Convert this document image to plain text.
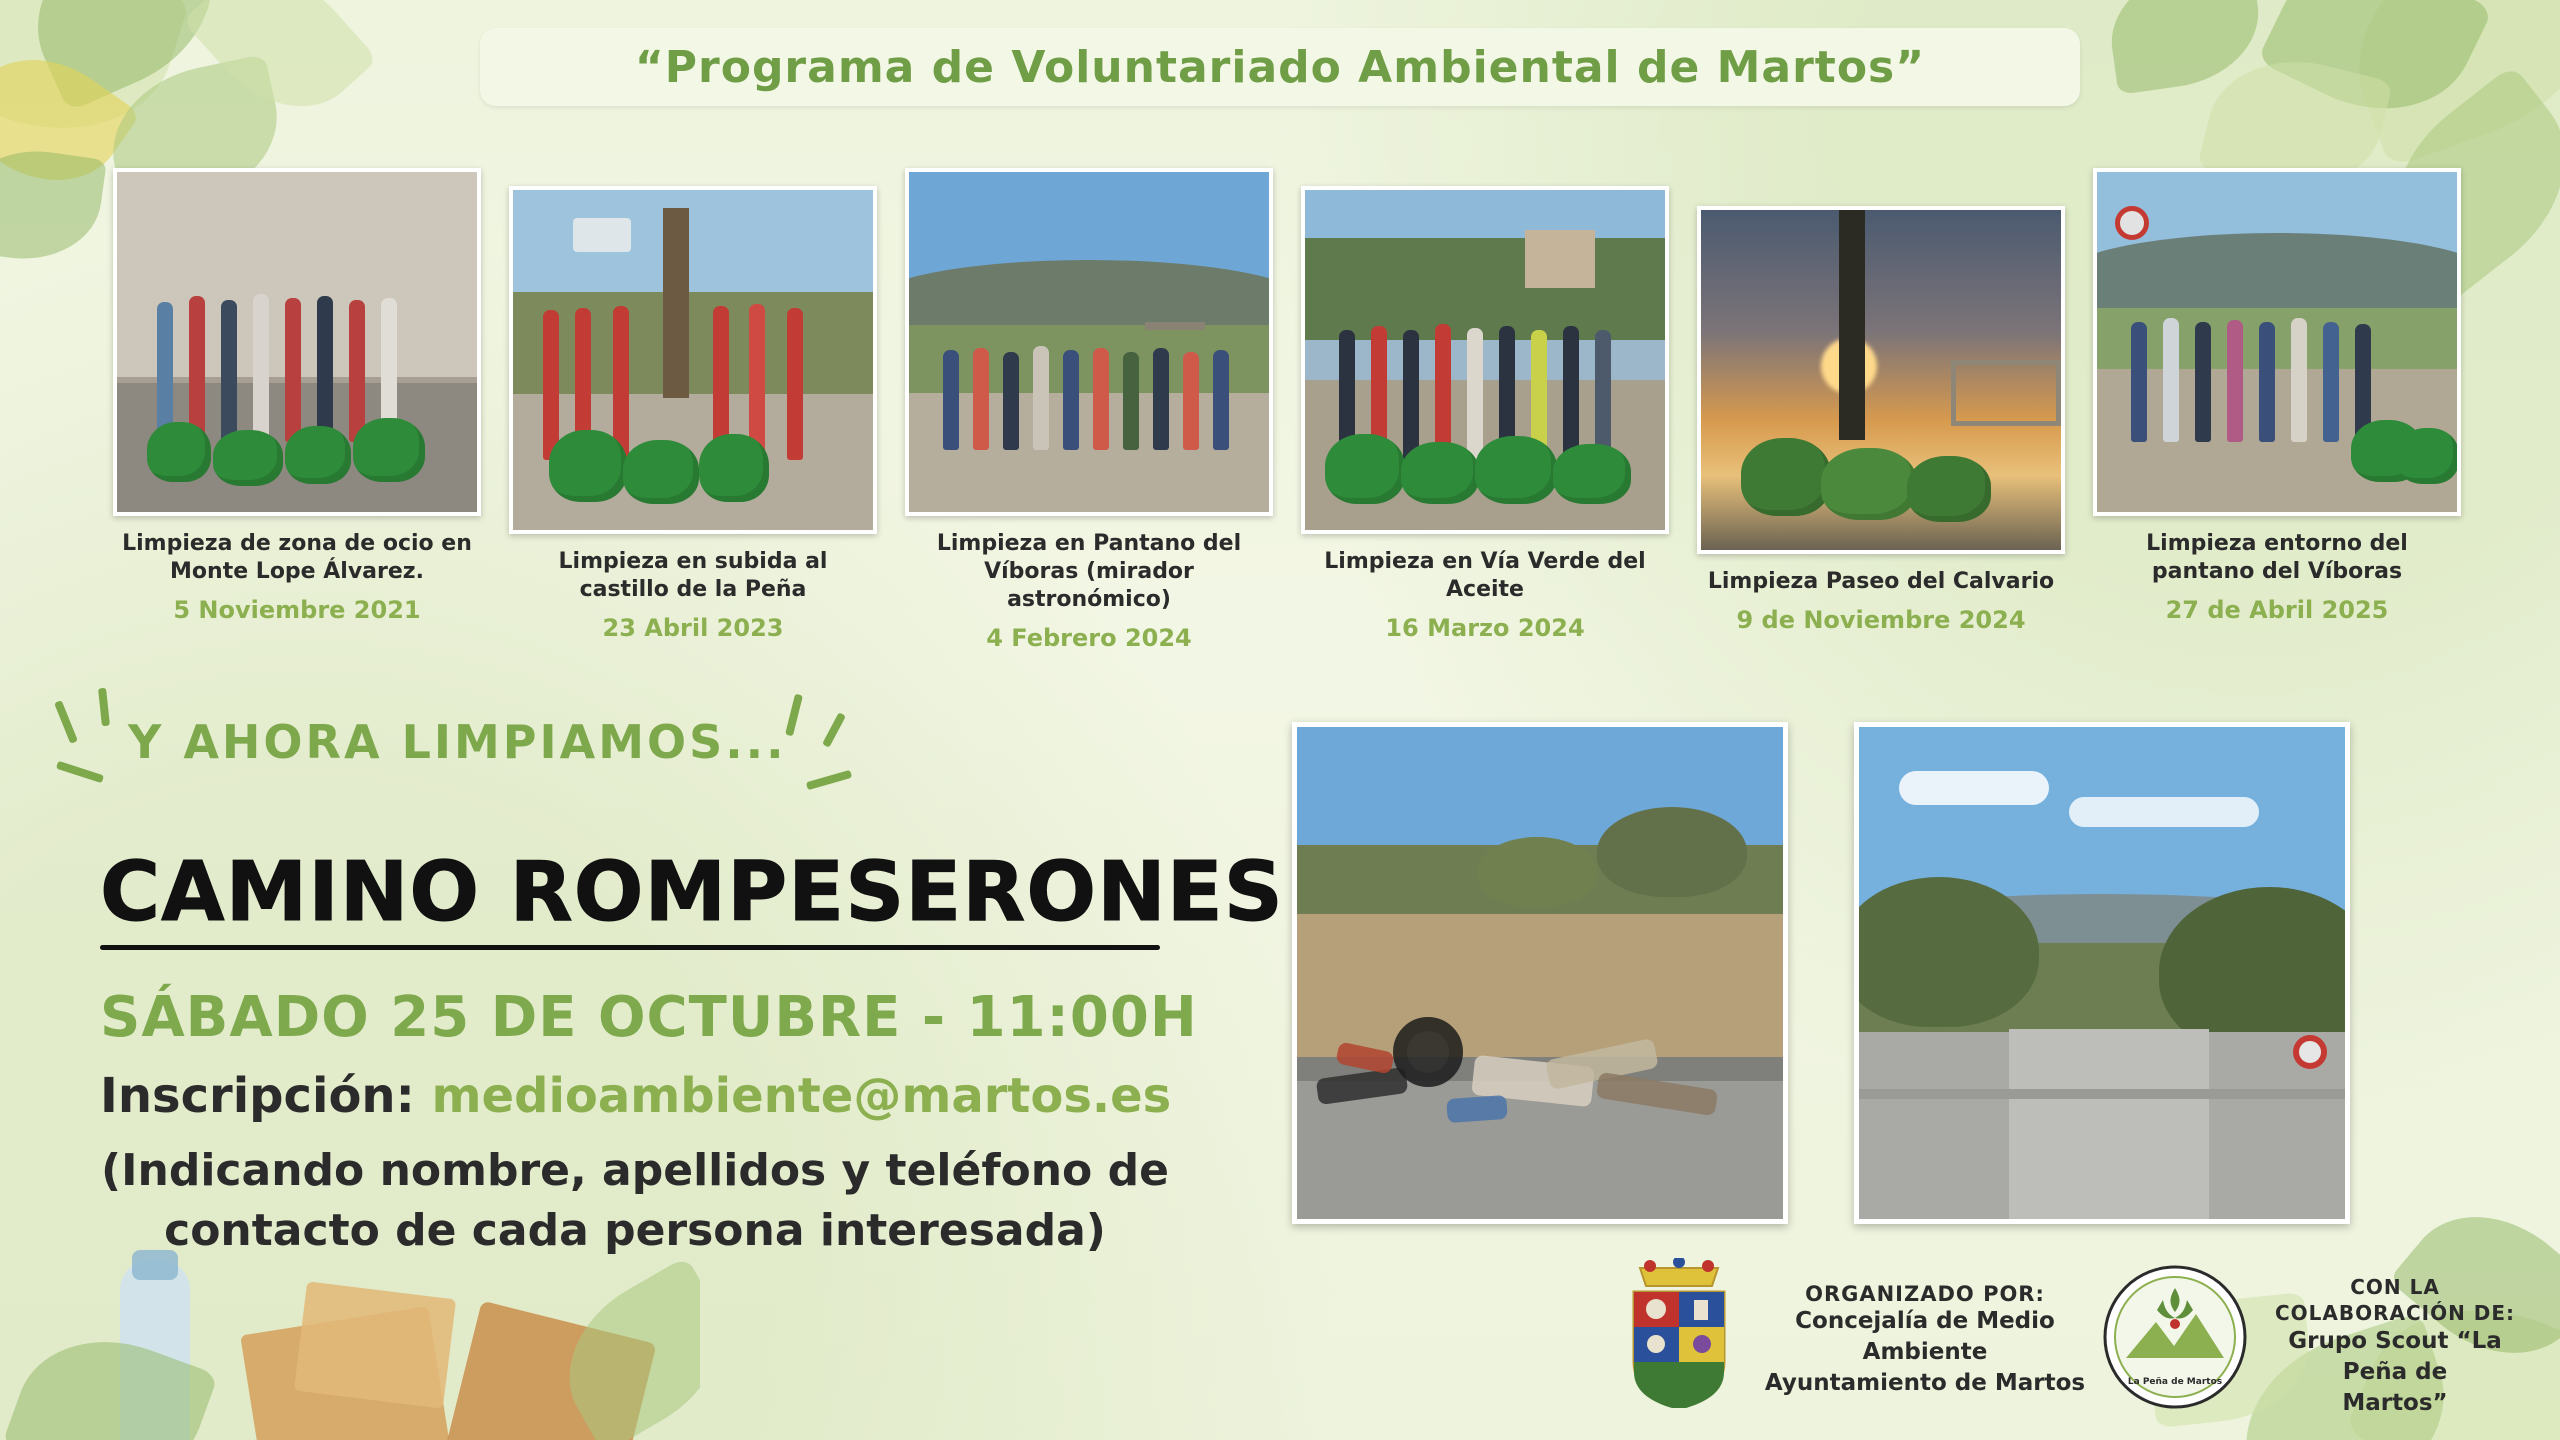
“Programa de Voluntariado Ambiental de Martos”
Limpieza de zona de ocio en Monte Lope Álvarez.
5 Noviembre 2021
Limpieza en subida al castillo de la Peña
23 Abril 2023
Limpieza en Pantano del Víboras (mirador astronómico)
4 Febrero 2024
Limpieza en Vía Verde del Aceite
16 Marzo 2024
Limpieza Paseo del Calvario
9 de Noviembre 2024
Limpieza entorno del pantano del Víboras
27 de Abril 2025
Y AHORA LIMPIAMOS...
CAMINO ROMPESERONES
SÁBADO 25 DE OCTUBRE - 11:00H
Inscripción: medioambiente@martos.es
(Indicando nombre, apellidos y teléfono de
contacto de cada persona interesada)
ORGANIZADO POR:
Concejalía de Medio Ambiente
Ayuntamiento de Martos	La Peña de Martos
CON LA COLABORACIÓN DE:
Grupo Scout “La Peña de
Martos”
